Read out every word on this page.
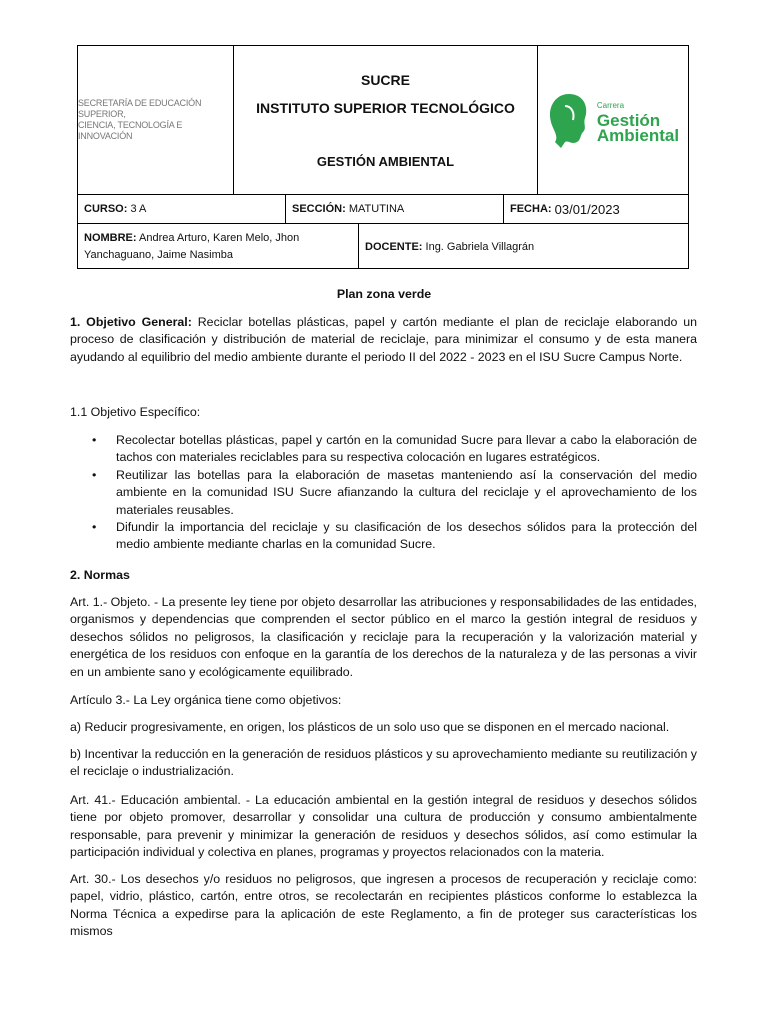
SECRETARÍA DE EDUCACIÓN SUPERIOR,
CIENCIA, TECNOLOGÍA E INNOVACIÓN
SUCRE
INSTITUTO SUPERIOR TECNOLÓGICO
GESTIÓN AMBIENTAL
Carrera
Gestión
Ambiental
CURSO:
3 A	SECCIÓN:
MATUTINA	FECHA:
03/01/2023
NOMBRE: Andrea Arturo, Karen Melo, Jhon
Yanchaguano, Jaime Nasimba
DOCENTE:
Ing. Gabriela Villagrán
Plan zona verde
1. Objetivo General: Reciclar botellas plásticas, papel y cartón mediante el plan de reciclaje elaborando un proceso de clasificación y distribución de material de reciclaje, para minimizar el consumo y de esta manera ayudando al equilibrio del medio ambiente durante el periodo II del 2022 - 2023 en el ISU Sucre Campus Norte.
1.1 Objetivo Específico:
• Recolectar botellas plásticas, papel y cartón en la comunidad Sucre para llevar a cabo la elaboración de tachos con materiales reciclables para su respectiva colocación en lugares estratégicos.
• Reutilizar las botellas para la elaboración de masetas manteniendo así la conservación del medio ambiente en la comunidad ISU Sucre afianzando la cultura del reciclaje y el aprovechamiento de los materiales reusables.
• Difundir la importancia del reciclaje y su clasificación de los desechos sólidos para la protección del medio ambiente mediante charlas en la comunidad Sucre.
2. Normas
Art. 1.- Objeto. - La presente ley tiene por objeto desarrollar las atribuciones y responsabilidades de las entidades, organismos y dependencias que comprenden el sector público en el marco la gestión integral de residuos y desechos sólidos no peligrosos, la clasificación y reciclaje para la recuperación y la valorización material y energética de los residuos con enfoque en la garantía de los derechos de la naturaleza y de las personas a vivir en un ambiente sano y ecológicamente equilibrado.
Artículo 3.- La Ley orgánica tiene como objetivos:
a) Reducir progresivamente, en origen, los plásticos de un solo uso que se disponen en el mercado nacional.
b) Incentivar la reducción en la generación de residuos plásticos y su aprovechamiento mediante su reutilización y el reciclaje o industrialización.
Art. 41.- Educación ambiental. - La educación ambiental en la gestión integral de residuos y desechos sólidos tiene por objeto promover, desarrollar y consolidar una cultura de producción y consumo ambientalmente responsable, para prevenir y minimizar la generación de residuos y desechos sólidos, así como estimular la participación individual y colectiva en planes, programas y proyectos relacionados con la materia.
Art. 30.- Los desechos y/o residuos no peligrosos, que ingresen a procesos de recuperación y reciclaje como: papel, vidrio, plástico, cartón, entre otros, se recolectarán en recipientes plásticos conforme lo establezca la Norma Técnica a expedirse para la aplicación de este Reglamento, a fin de proteger sus características los mismos
